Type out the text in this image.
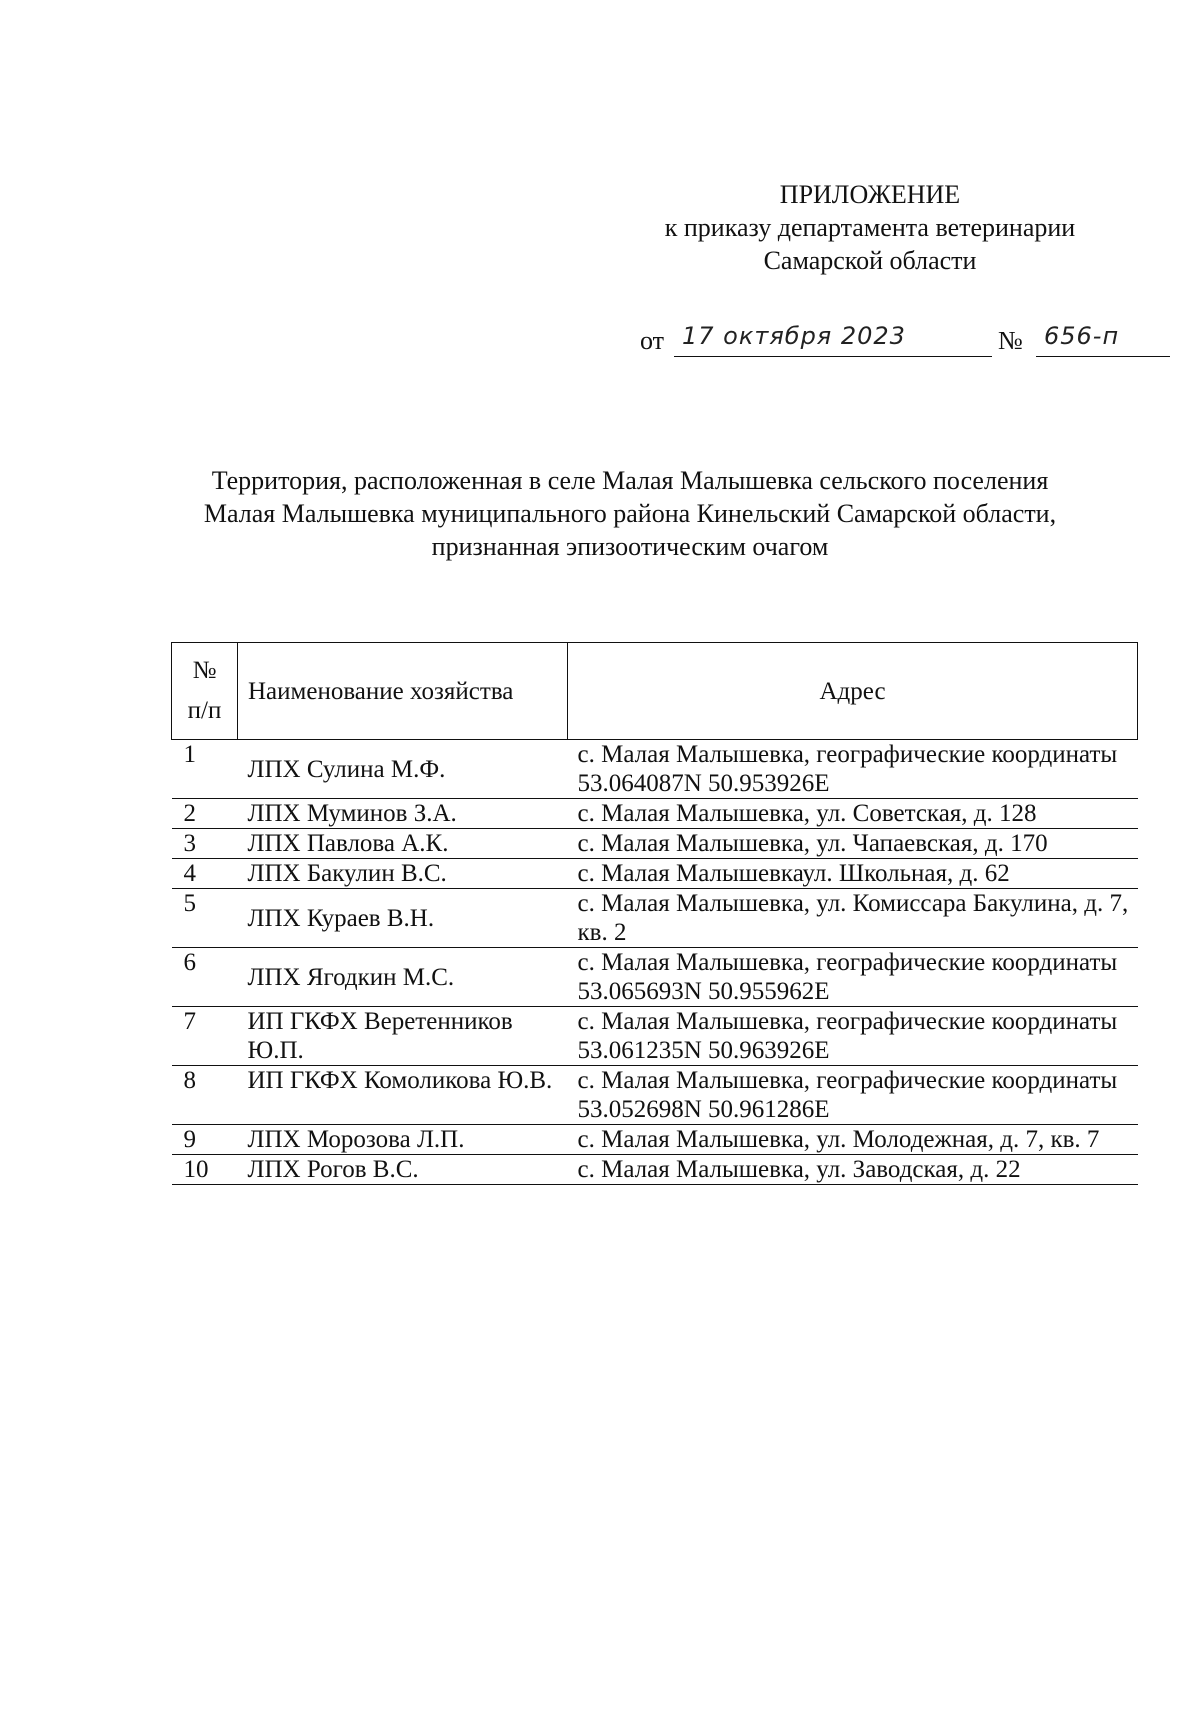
ПРИЛОЖЕНИЕ
к приказу департамента ветеринарии
Самарской области
от 17 октября 2023	№ 656-п
Территория, расположенная в селе Малая Малышевка сельского поселения
Малая Малышевка муниципального района Кинельский Самарской области,
признанная эпизоотическим очагом
№
п/п	Наименование хозяйства	Адрес
1	ЛПХ Сулина М.Ф.	с. Малая Малышевка, географические координаты 53.064087N 50.953926E
2	ЛПХ Муминов З.А.	с. Малая Малышевка, ул. Советская, д. 128
3	ЛПХ Павлова А.К.	с. Малая Малышевка, ул. Чапаевская, д. 170
4	ЛПХ Бакулин В.С.	с. Малая Малышевкаул. Школьная, д. 62
5	ЛПХ Кураев В.Н.	с. Малая Малышевка, ул. Комиссара Бакулина, д. 7, кв. 2
6	ЛПХ Ягодкин М.С.	с. Малая Малышевка, географические координаты 53.065693N 50.955962E
7	ИП ГКФХ Веретенников Ю.П.	с. Малая Малышевка, географические координаты 53.061235N 50.963926E
8	ИП ГКФХ Комоликова Ю.В.	с. Малая Малышевка, географические координаты 53.052698N 50.961286E
9	ЛПХ Морозова Л.П.	с. Малая Малышевка, ул. Молодежная, д. 7, кв. 7
10	ЛПХ Рогов В.С.	с. Малая Малышевка, ул. Заводская, д. 22
